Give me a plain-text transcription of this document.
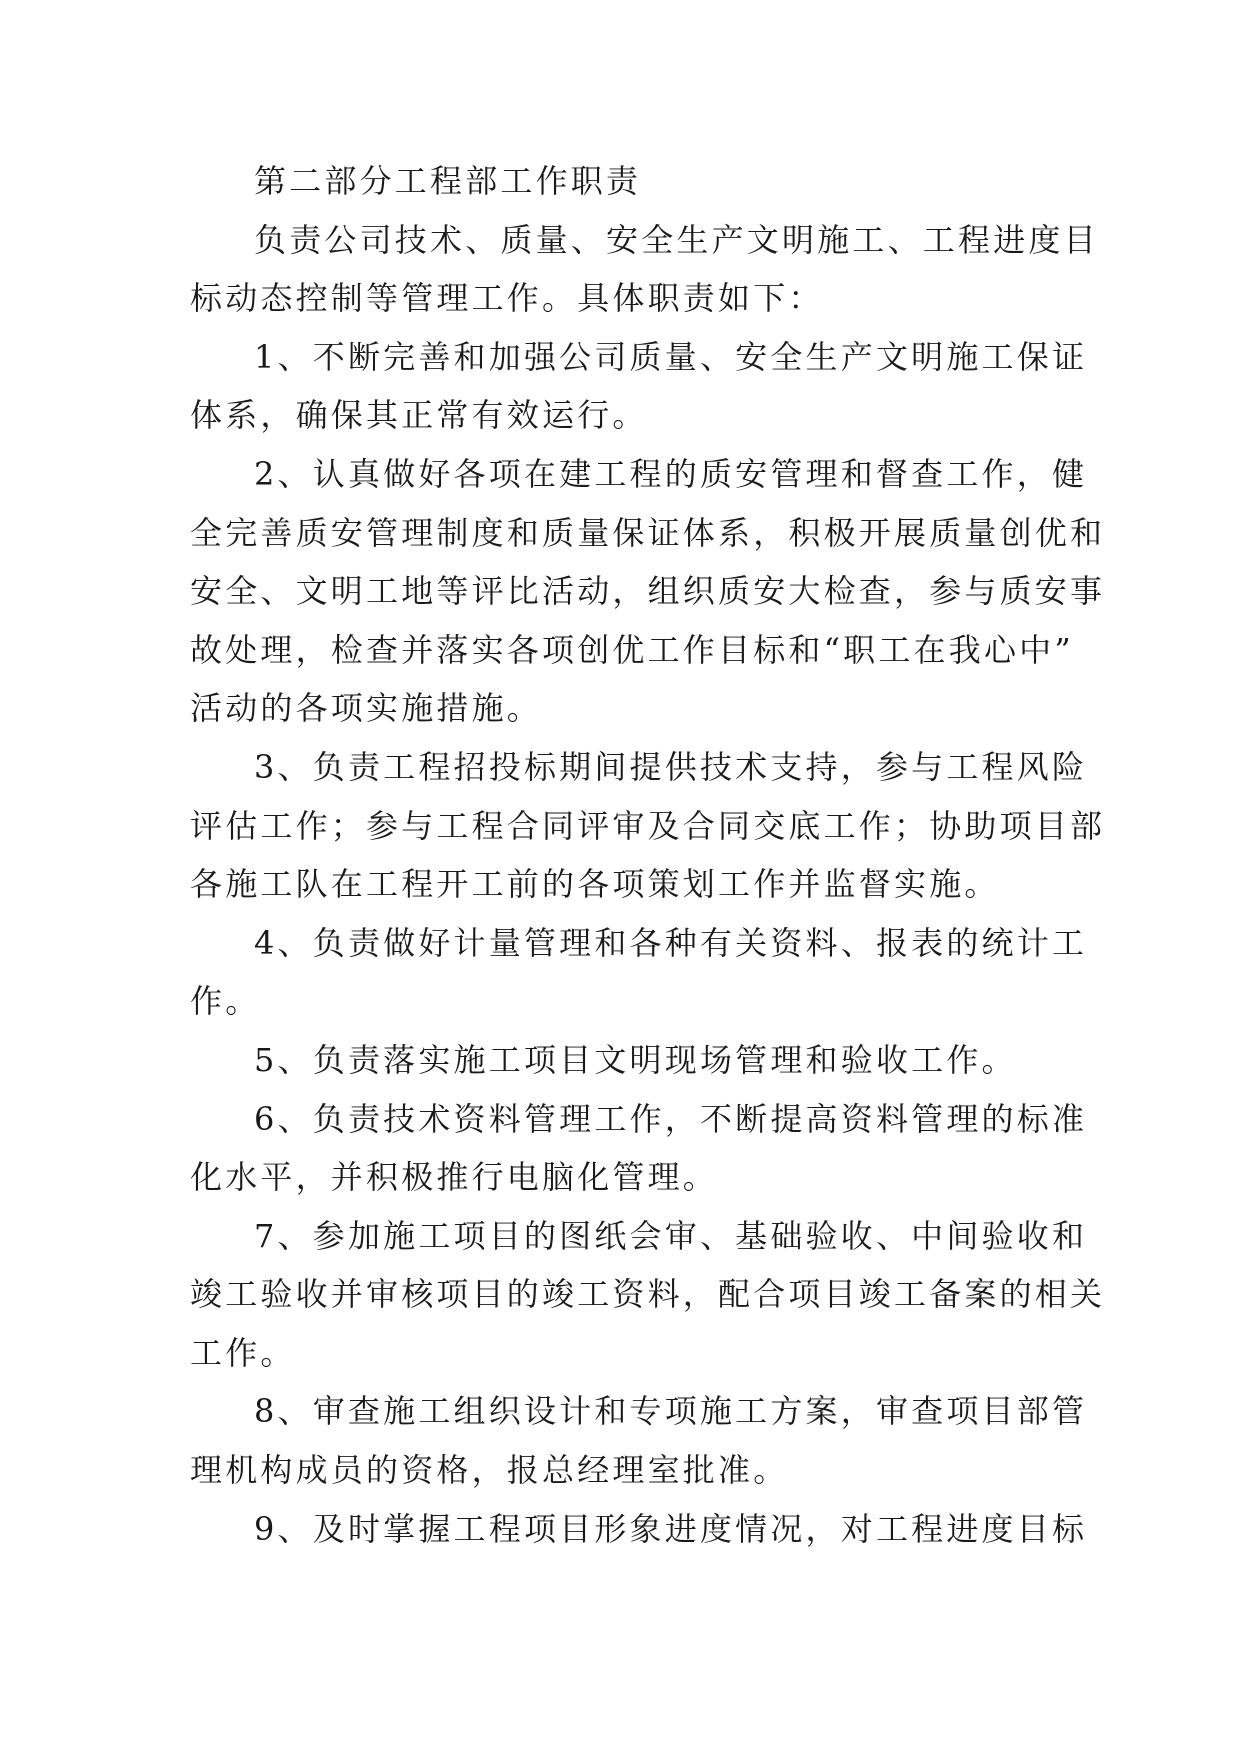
第二部分工程部工作职责

负责公司技术、质量、安全生产文明施工、工程进度目
标动态控制等管理工作。具体职责如下：

1、不断完善和加强公司质量、安全生产文明施工保证
体系，确保其正常有效运行。

2、认真做好各项在建工程的质安管理和督查工作，健
全完善质安管理制度和质量保证体系，积极开展质量创优和
安全、文明工地等评比活动，组织质安大检查，参与质安事
故处理，检查并落实各项创优工作目标和“职工在我心中”
活动的各项实施措施。

3、负责工程招投标期间提供技术支持，参与工程风险
评估工作；参与工程合同评审及合同交底工作；协助项目部
各施工队在工程开工前的各项策划工作并监督实施。

4、负责做好计量管理和各种有关资料、报表的统计工
作。

5、负责落实施工项目文明现场管理和验收工作。

6、负责技术资料管理工作，不断提高资料管理的标准
化水平，并积极推行电脑化管理。

7、参加施工项目的图纸会审、基础验收、中间验收和
竣工验收并审核项目的竣工资料，配合项目竣工备案的相关
工作。

8、审查施工组织设计和专项施工方案，审查项目部管
理机构成员的资格，报总经理室批准。

9、及时掌握工程项目形象进度情况，对工程进度目标
